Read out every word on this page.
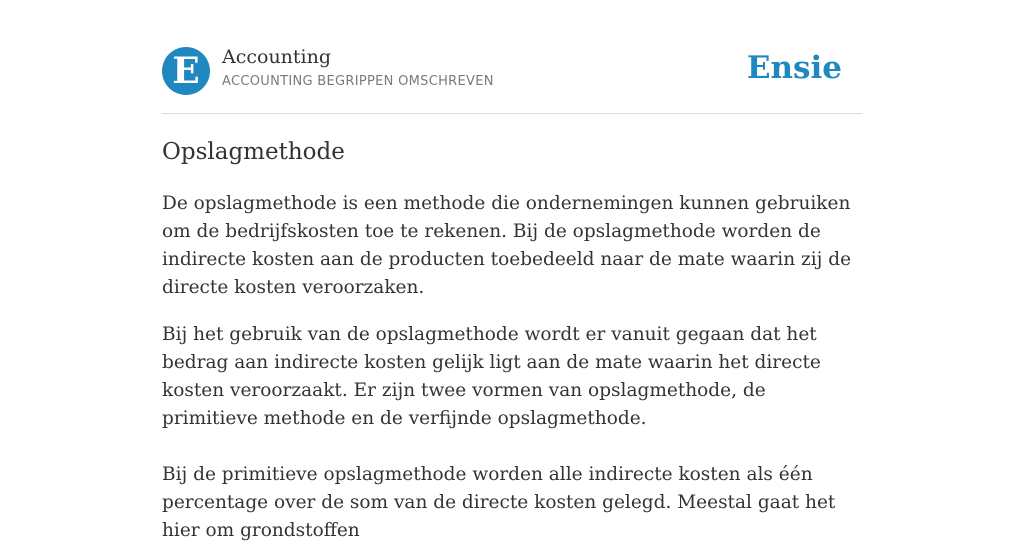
E	Accounting
ACCOUNTING BEGRIPPEN OMSCHREVEN	Ensie
Opslagmethode

De opslagmethode is een methode die ondernemingen kunnen gebruiken om de bedrijfskosten toe te rekenen. Bij de opslagmethode worden de indirecte kosten aan de producten toebedeeld naar de mate waarin zij de directe kosten veroorzaken.

Bij het gebruik van de opslagmethode wordt er vanuit gegaan dat het bedrag aan indirecte kosten gelijk ligt aan de mate waarin het directe kosten veroorzaakt. Er zijn twee vormen van opslagmethode, de primitieve methode en de verfijnde opslagmethode.

Bij de primitieve opslagmethode worden alle indirecte kosten als één percentage over de som van de directe kosten gelegd. Meestal gaat het hier om grondstoffen
